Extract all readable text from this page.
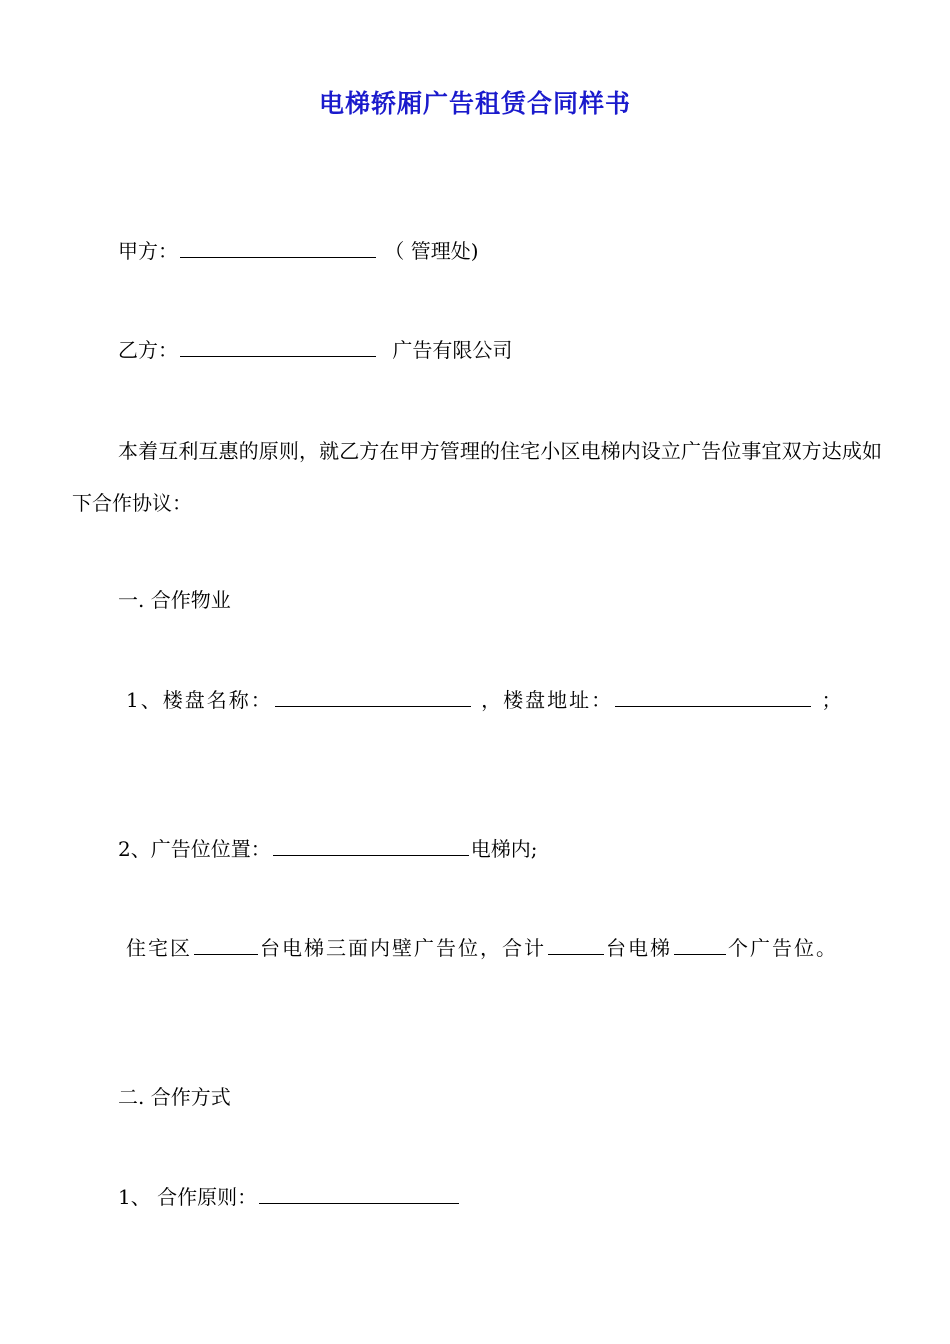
电梯轿厢广告租赁合同样书
甲方：	（ 管理处)
乙方：	广告有限公司
本着互利互惠的原则，就乙方在甲方管理的住宅小区电梯内设立广告位事宜双方达成如下合作协议：
一. 合作物业
1、楼盘名称：	，楼盘地址：	；
2、广告位位置：	电梯内;
住宅区	台电梯三面内壁广告位，合计	台电梯	个广告位。
二. 合作方式
1、 合作原则：
